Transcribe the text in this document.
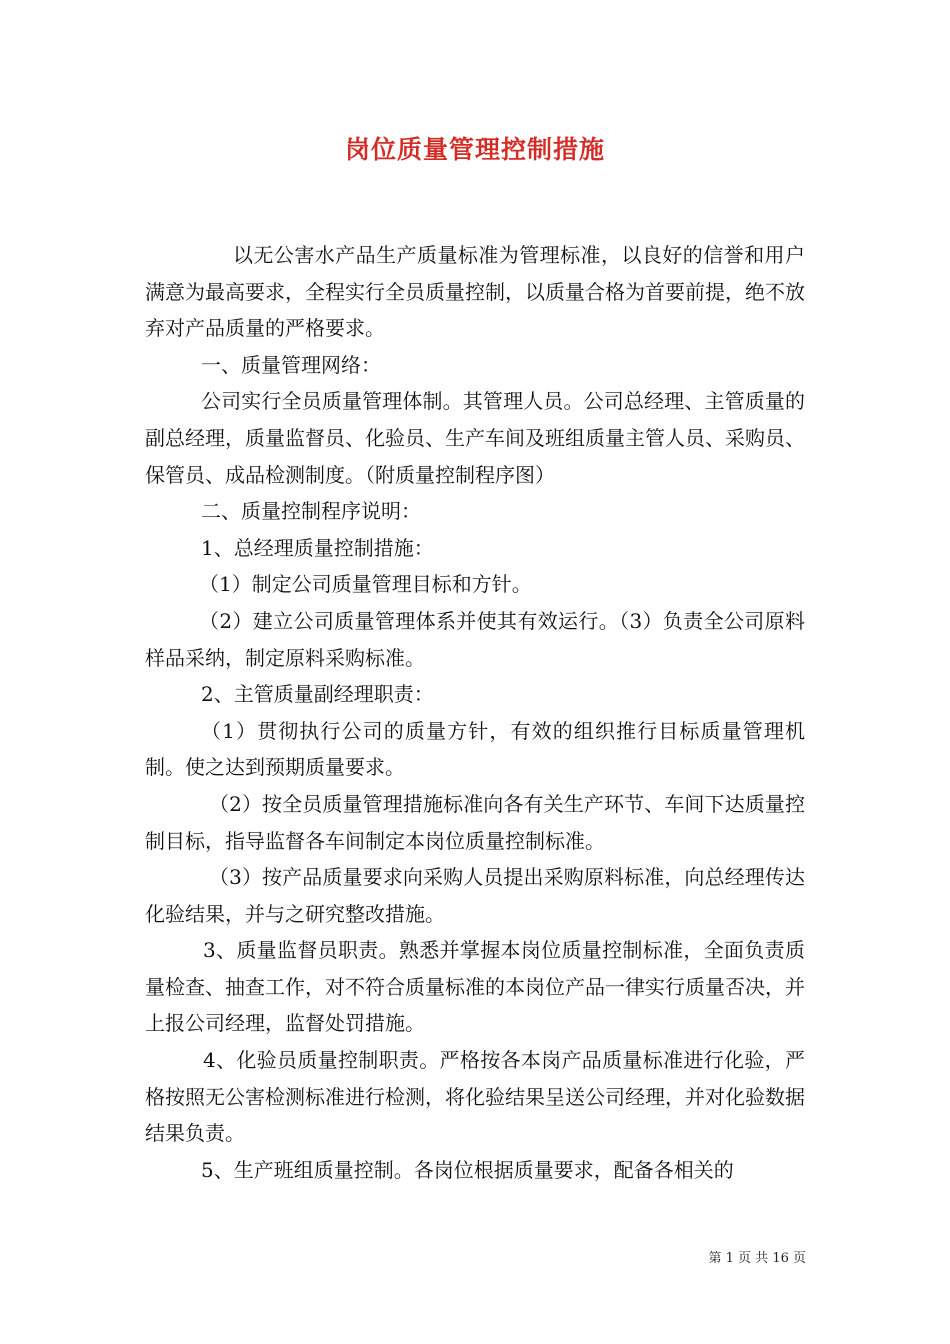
岗位质量管理控制措施

以无公害水产品生产质量标准为管理标准，以良好的信誉和用户满意为最高要求，全程实行全员质量控制，以质量合格为首要前提，绝不放弃对产品质量的严格要求。

一、质量管理网络：

公司实行全员质量管理体制。其管理人员。公司总经理、主管质量的副总经理，质量监督员、化验员、生产车间及班组质量主管人员、采购员、保管员、成品检测制度。（附质量控制程序图）

二、质量控制程序说明：

1、总经理质量控制措施：

（1）制定公司质量管理目标和方针。

（2）建立公司质量管理体系并使其有效运行。（3）负责全公司原料样品采纳，制定原料采购标准。

2、主管质量副经理职责：

（1）贯彻执行公司的质量方针，有效的组织推行目标质量管理机制。使之达到预期质量要求。

（2）按全员质量管理措施标准向各有关生产环节、车间下达质量控制目标，指导监督各车间制定本岗位质量控制标准。

（3）按产品质量要求向采购人员提出采购原料标准，向总经理传达化验结果，并与之研究整改措施。

3、质量监督员职责。熟悉并掌握本岗位质量控制标准，全面负责质量检查、抽查工作，对不符合质量标准的本岗位产品一律实行质量否决，并上报公司经理，监督处罚措施。

4、化验员质量控制职责。严格按各本岗产品质量标准进行化验，严格按照无公害检测标准进行检测，将化验结果呈送公司经理，并对化验数据结果负责。

5、生产班组质量控制。各岗位根据质量要求，配备各相关的

第 1 页 共 16 页
